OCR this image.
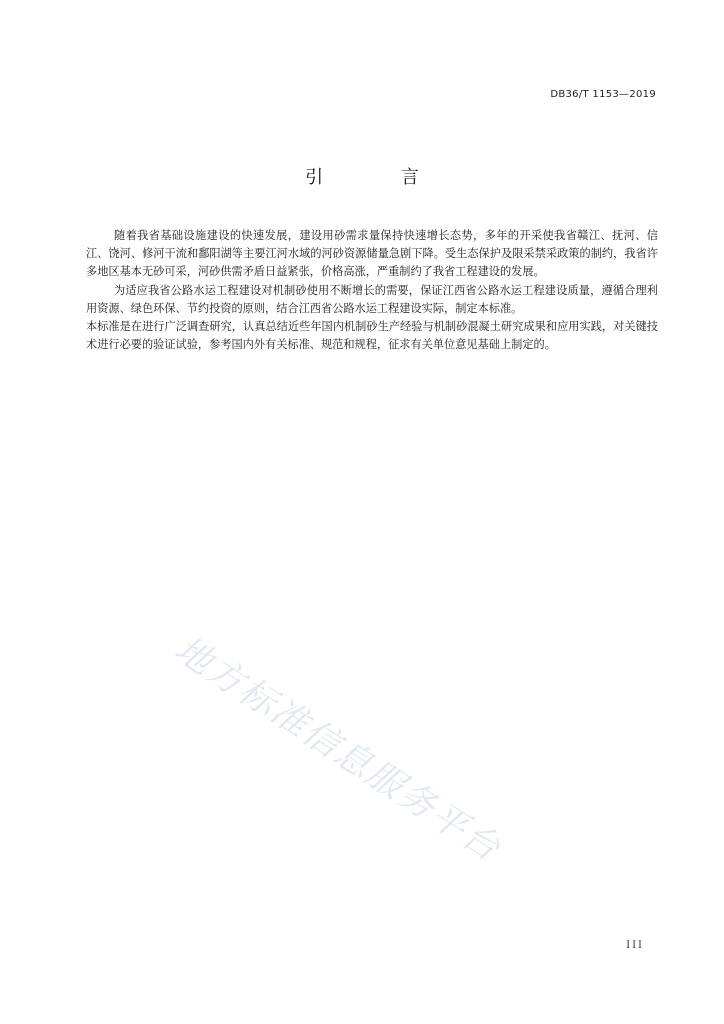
DB36/T 1153—2019
引 言

随着我省基础设施建设的快速发展，建设用砂需求量保持快速增长态势，多年的开采使我省赣江、抚河、信江、饶河、修河干流和鄱阳湖等主要江河水域的河砂资源储量急剧下降。受生态保护及限采禁采政策的制约，我省许多地区基本无砂可采，河砂供需矛盾日益紧张，价格高涨，严重制约了我省工程建设的发展。

为适应我省公路水运工程建设对机制砂使用不断增长的需要，保证江西省公路水运工程建设质量，遵循合理利用资源、绿色环保、节约投资的原则，结合江西省公路水运工程建设实际，制定本标准。

本标准是在进行广泛调查研究，认真总结近些年国内机制砂生产经验与机制砂混凝土研究成果和应用实践，对关键技术进行必要的验证试验，参考国内外有关标准、规范和规程，征求有关单位意见基础上制定的。

地方标准信息服务平台
III
